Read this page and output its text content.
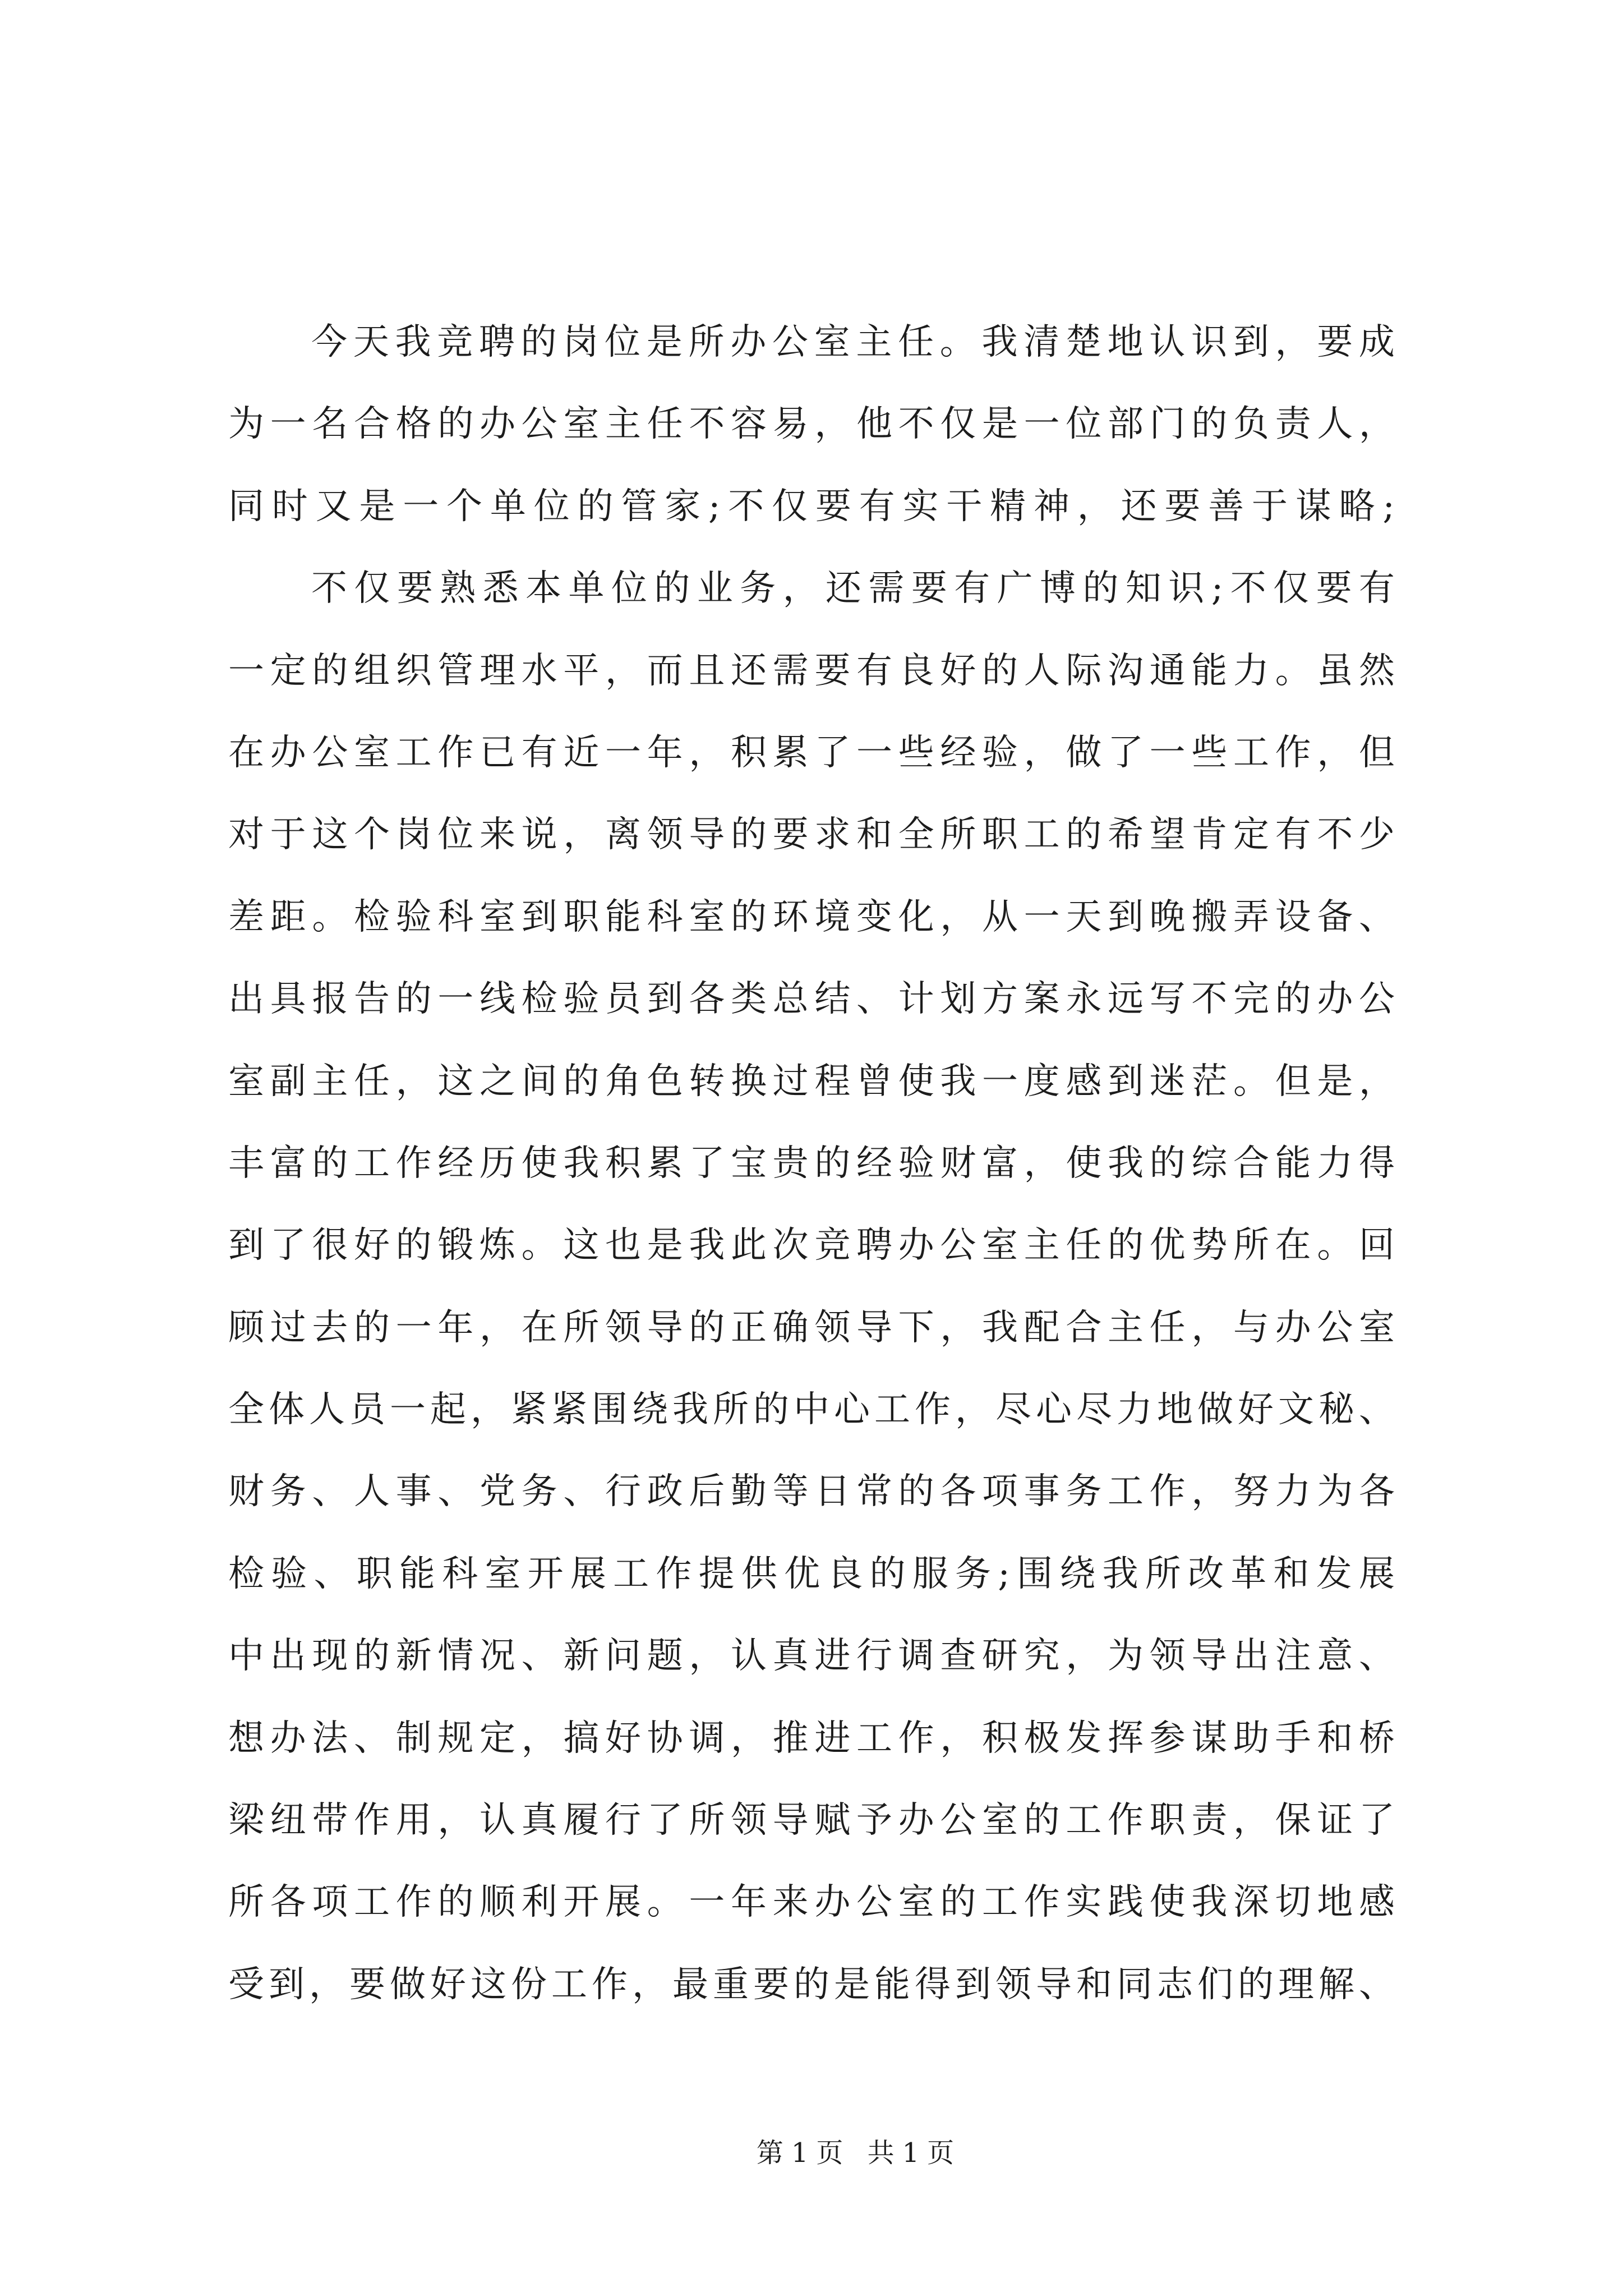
今天我竞聘的岗位是所办公室主任。我清楚地认识到，要成
为一名合格的办公室主任不容易，他不仅是一位部门的负责人，
同时又是一个单位的管家;不仅要有实干精神，还要善于谋略;
不仅要熟悉本单位的业务，还需要有广博的知识;不仅要有
一定的组织管理水平，而且还需要有良好的人际沟通能力。虽然
在办公室工作已有近一年，积累了一些经验，做了一些工作，但
对于这个岗位来说，离领导的要求和全所职工的希望肯定有不少
差距。检验科室到职能科室的环境变化，从一天到晚搬弄设备、
出具报告的一线检验员到各类总结、计划方案永远写不完的办公
室副主任，这之间的角色转换过程曾使我一度感到迷茫。但是，
丰富的工作经历使我积累了宝贵的经验财富，使我的综合能力得
到了很好的锻炼。这也是我此次竞聘办公室主任的优势所在。回
顾过去的一年，在所领导的正确领导下，我配合主任，与办公室
全体人员一起，紧紧围绕我所的中心工作，尽心尽力地做好文秘、
财务、人事、党务、行政后勤等日常的各项事务工作，努力为各
检验、职能科室开展工作提供优良的服务;围绕我所改革和发展
中出现的新情况、新问题，认真进行调查研究，为领导出注意、
想办法、制规定，搞好协调，推进工作，积极发挥参谋助手和桥
梁纽带作用，认真履行了所领导赋予办公室的工作职责，保证了
所各项工作的顺利开展。一年来办公室的工作实践使我深切地感
受到，要做好这份工作，最重要的是能得到领导和同志们的理解、
第1页 共1页
